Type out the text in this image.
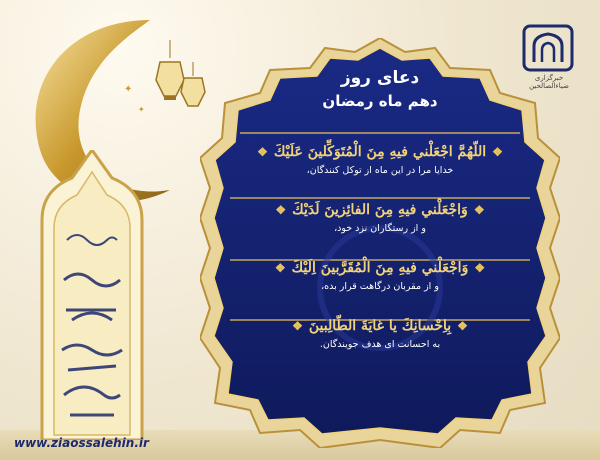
✦
✦
دعای روز
دهم ماه رمضان
❖
اللّهُمَّ اجْعَلْني فيهِ مِنَ الْمُتَوَكِّلينَ عَلَيْكَ
❖
خدایا مرا در این ماه از توکل کنندگان،
❖
وَاجْعَلْني فيهِ مِنَ الفائِزينَ لَدَيْكَ
❖
و از رستگاران نزد خود،
❖
وَاجْعَلْني فيهِ مِنَ الْمُقَرَّبينَ اِلَيْكَ
❖
و از مقربان درگاهت قرار بده،
❖
بِاِحْسانِكَ يا غايَةَ الطّالِبينَ
❖
به احسانت ای هدف جویندگان.
خبرگزاری ضیاءالصالحین
www.ziaossalehin.ir
